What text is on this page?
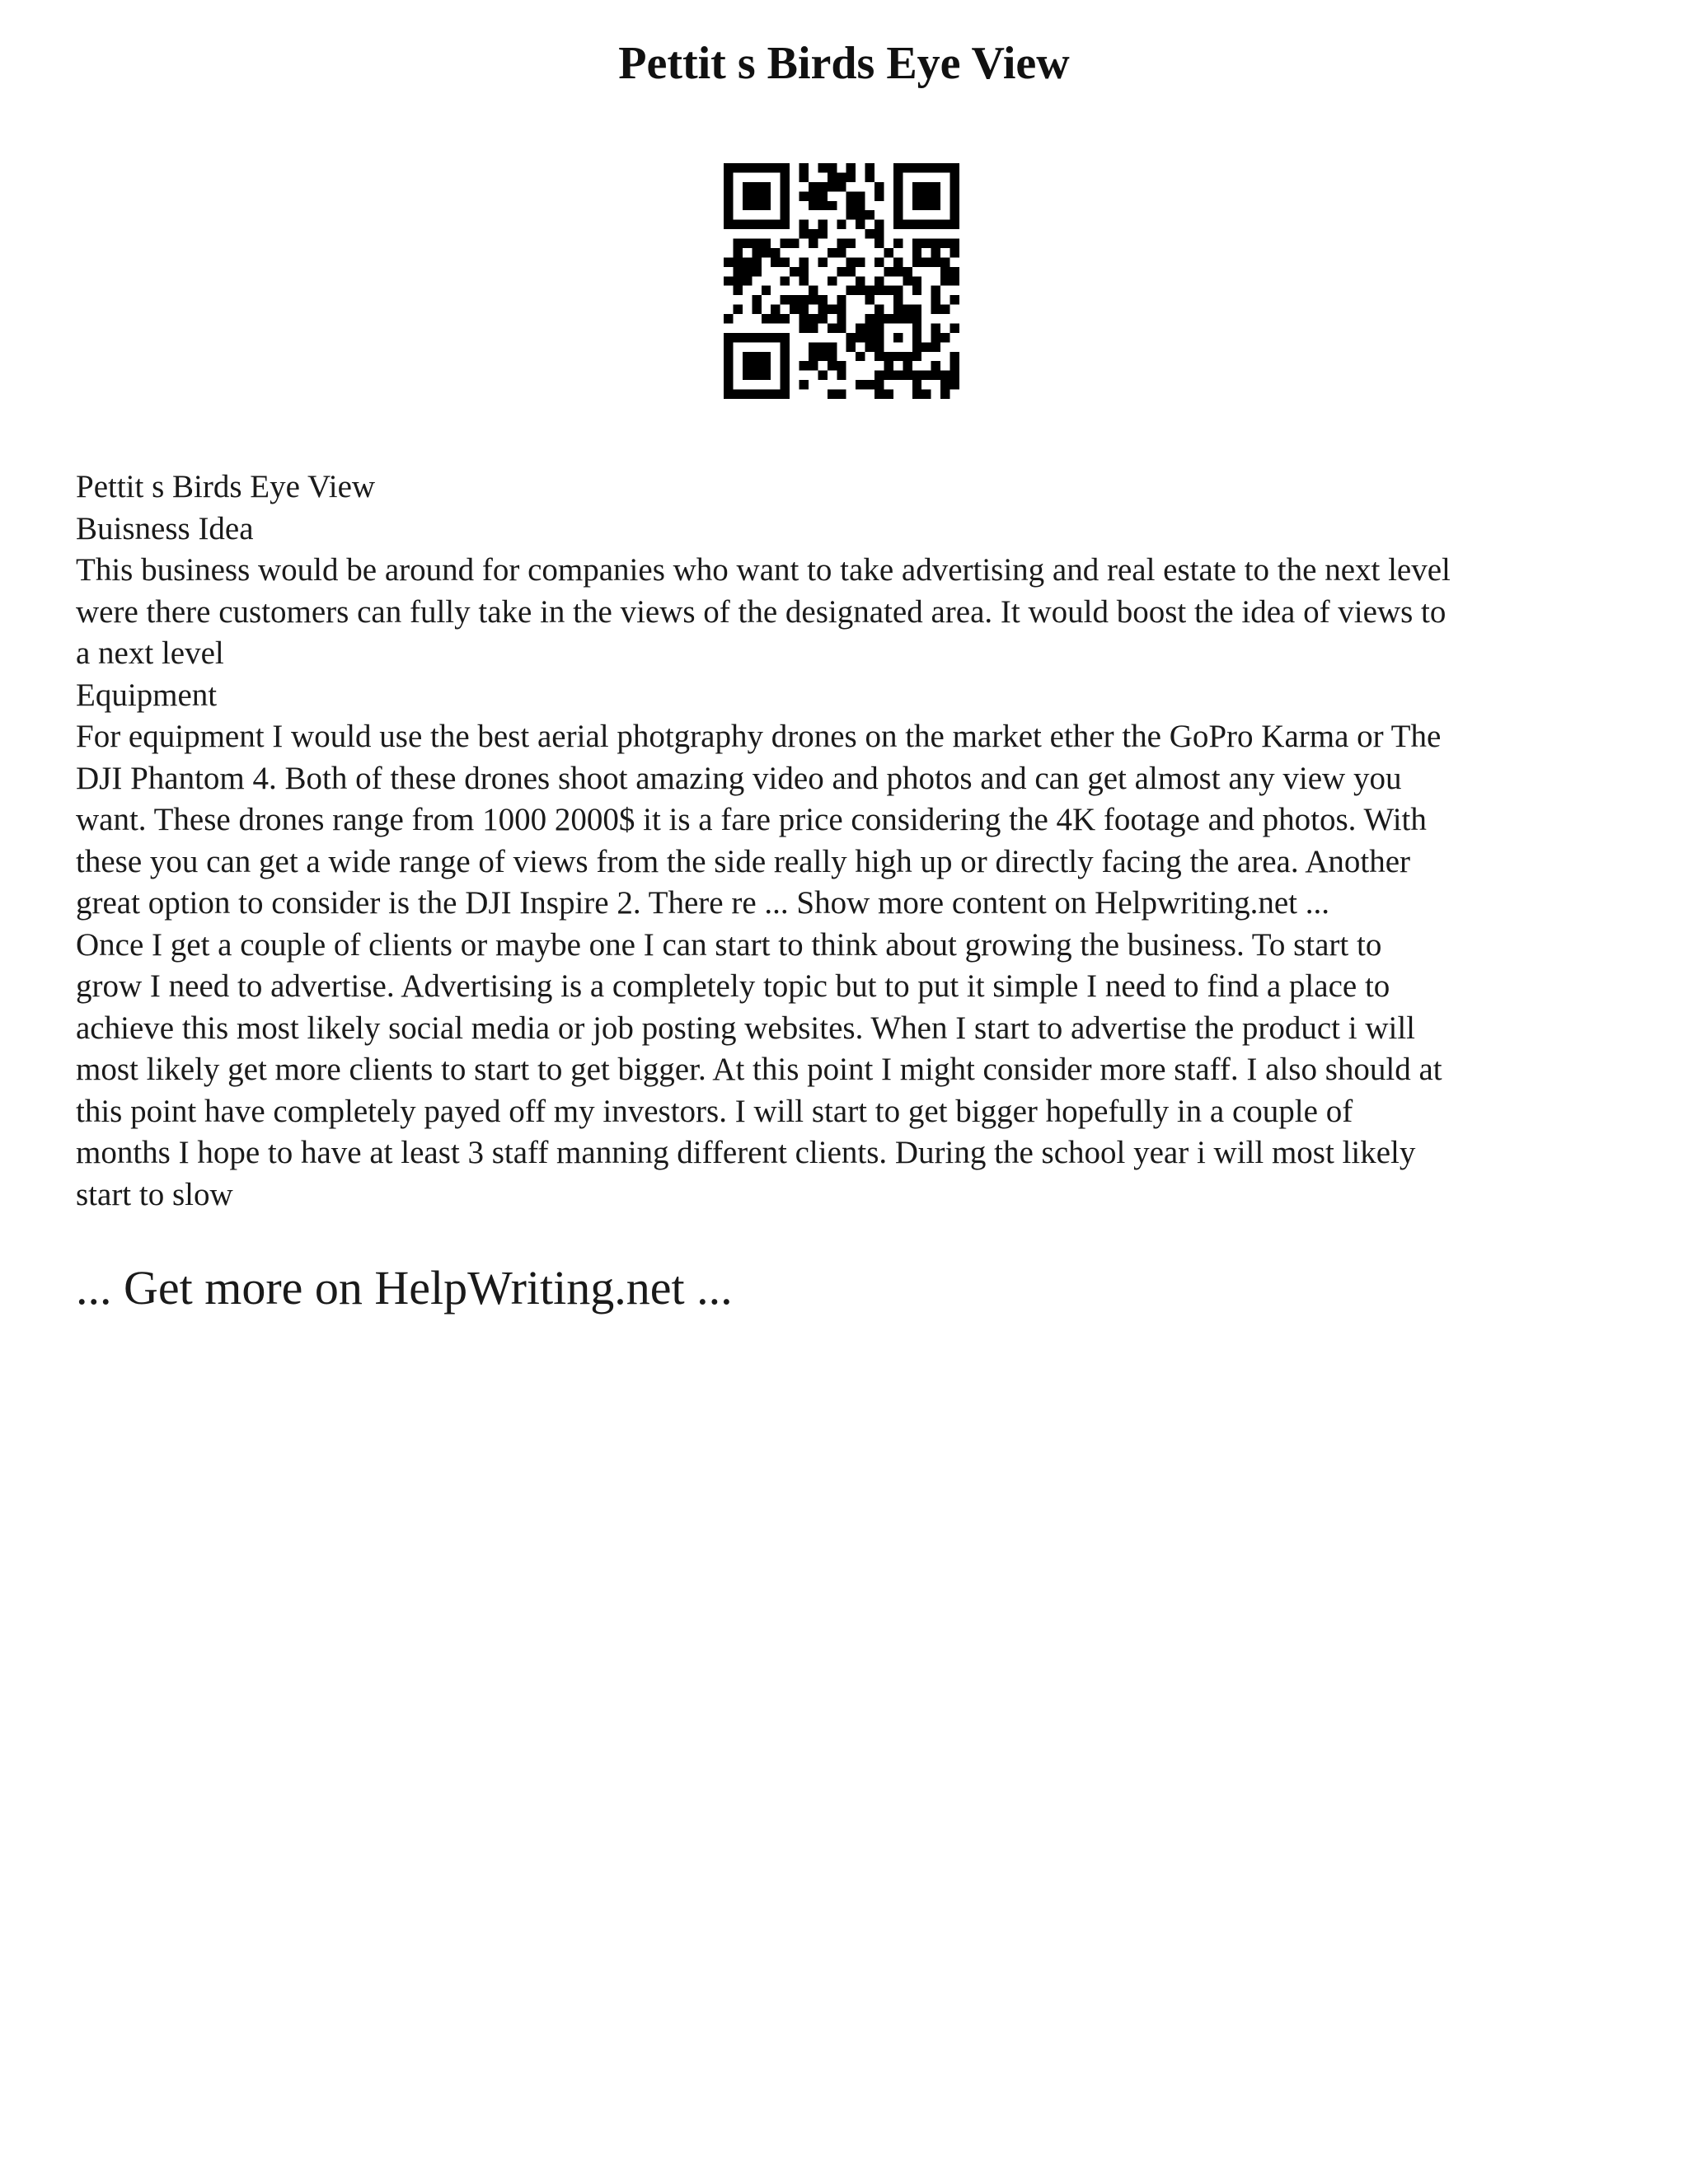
Pettit s Birds Eye View
Pettit s Birds Eye View
Buisness Idea
This business would be around for companies who want to take advertising and real estate to the next level
were there customers can fully take in the views of the designated area. It would boost the idea of views to
a next level
Equipment
For equipment I would use the best aerial photgraphy drones on the market ether the GoPro Karma or The
DJI Phantom 4. Both of these drones shoot amazing video and photos and can get almost any view you
want. These drones range from 1000 2000$ it is a fare price considering the 4K footage and photos. With
these you can get a wide range of views from the side really high up or directly facing the area. Another
great option to consider is the DJI Inspire 2. There re ... Show more content on Helpwriting.net ...
Once I get a couple of clients or maybe one I can start to think about growing the business. To start to
grow I need to advertise. Advertising is a completely topic but to put it simple I need to find a place to
achieve this most likely social media or job posting websites. When I start to advertise the product i will
most likely get more clients to start to get bigger. At this point I might consider more staff. I also should at
this point have completely payed off my investors. I will start to get bigger hopefully in a couple of
months I hope to have at least 3 staff manning different clients. During the school year i will most likely
start to slow
... Get more on HelpWriting.net ...
